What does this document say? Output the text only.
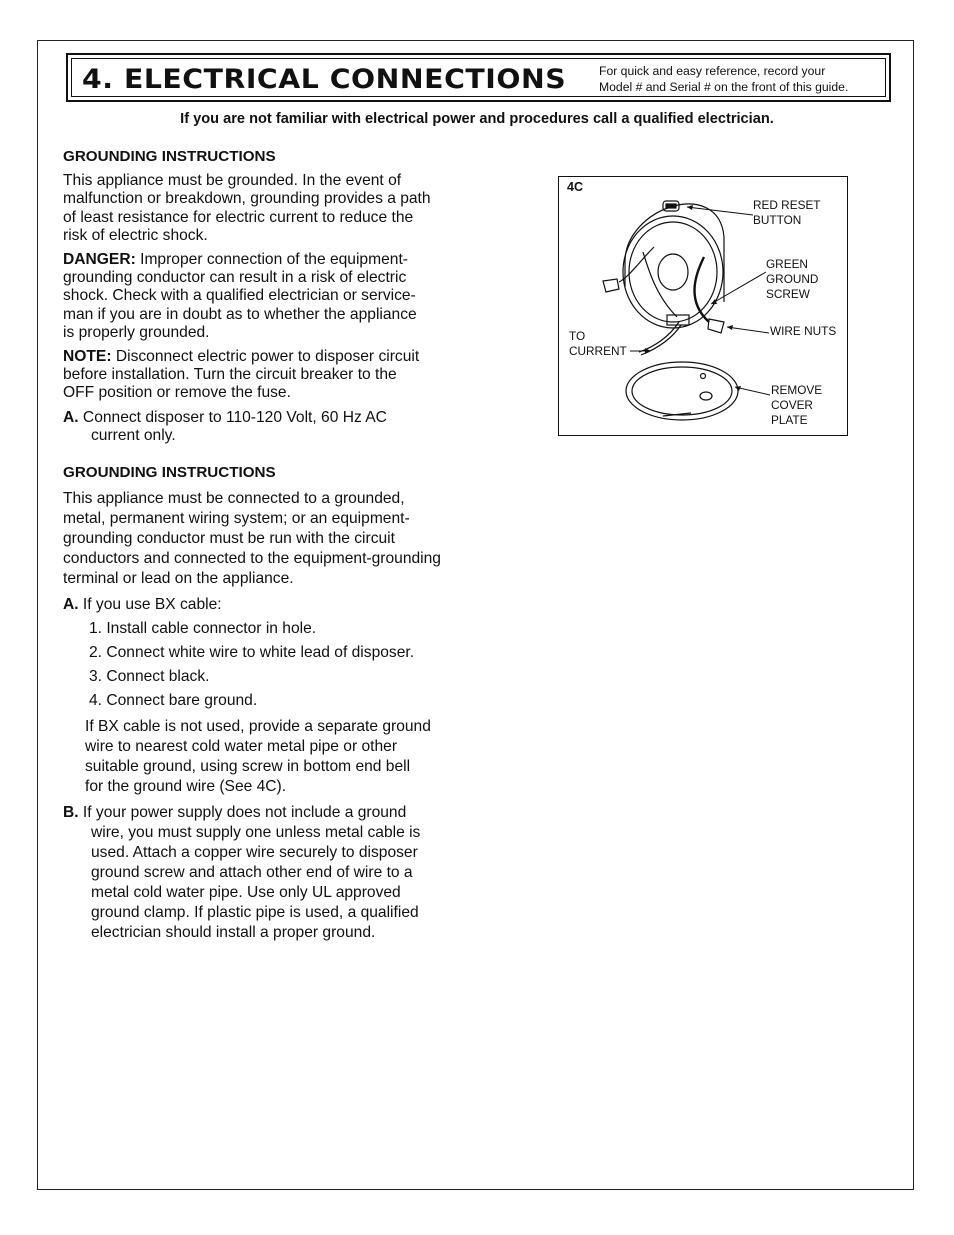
4. ELECTRICAL CONNECTIONS	For quick and easy reference, record your
Model # and Serial # on the front of this guide.
If you are not familiar with electrical power and procedures call a qualified electrician.

GROUNDING INSTRUCTIONS

This appliance must be grounded. In the event of

malfunction or breakdown, grounding provides a path

of least resistance for electric current to reduce the

risk of electric shock.

DANGER: Improper connection of the equipment-

grounding conductor can result in a risk of electric

shock. Check with a qualified electrician or service-

man if you are in doubt as to whether the appliance

is properly grounded.

NOTE: Disconnect electric power to disposer circuit

before installation. Turn the circuit breaker to the

OFF position or remove the fuse.

A. Connect disposer to 110-120 Volt, 60 Hz AC

current only.

GROUNDING INSTRUCTIONS

This appliance must be connected to a grounded,

metal, permanent wiring system; or an equipment-

grounding conductor must be run with the circuit

conductors and connected to the equipment-grounding

terminal or lead on the appliance.

A. If you use BX cable:

1. Install cable connector in hole.

2. Connect white wire to white lead of disposer.

3. Connect black.

4. Connect bare ground.

If BX cable is not used, provide a separate ground

wire to nearest cold water metal pipe or other

suitable ground, using screw in bottom end bell

for the ground wire (See 4C).

B. If your power supply does not include a ground

wire, you must supply one unless metal cable is

used. Attach a copper wire securely to disposer

ground screw and attach other end of wire to a

metal cold water pipe. Use only UL approved

ground clamp. If plastic pipe is used, a qualified

electrician should install a proper ground.

4C
RED RESET
BUTTON
GREEN
GROUND
SCREW
WIRE NUTS
TO
CURRENT
REMOVE
COVER
PLATE
